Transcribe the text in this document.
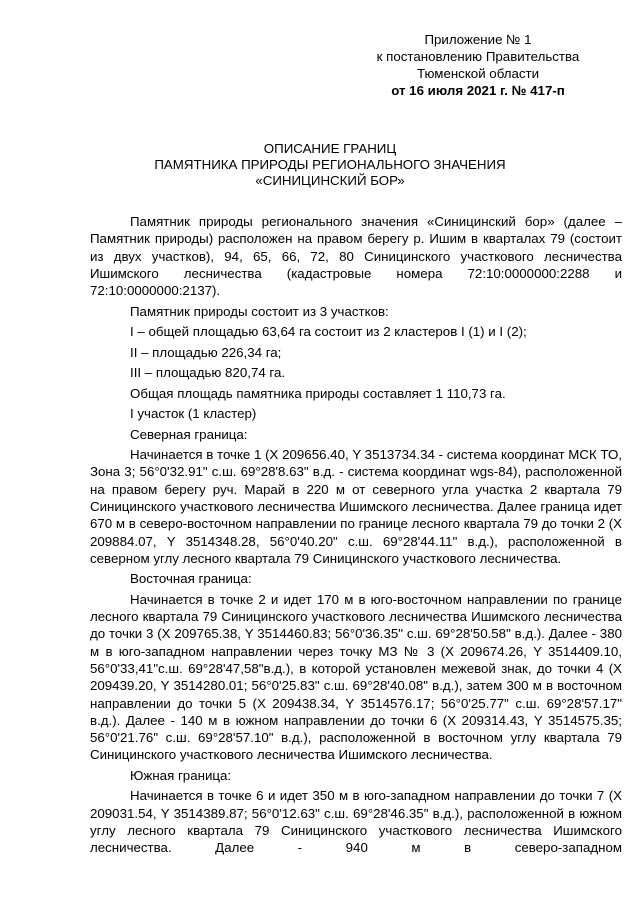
Приложение № 1
к постановлению Правительства
Тюменской области
от 16 июля 2021 г. № 417-п
ОПИСАНИЕ ГРАНИЦ
ПАМЯТНИКА ПРИРОДЫ РЕГИОНАЛЬНОГО ЗНАЧЕНИЯ
«СИНИЦИНСКИЙ БОР»

Памятник природы регионального значения «Синицинский бор» (далее – Памятник природы) расположен на правом берегу р. Ишим в кварталах 79 (состоит из двух участков), 94, 65, 66, 72, 80 Синицинского участкового лесничества Ишимского лесничества (кадастровые номера 72:10:0000000:2288 и 72:10:0000000:2137).

Памятник природы состоит из 3 участков:

I – общей площадью 63,64 га состоит из 2 кластеров I (1) и I (2);

II – площадью 226,34 га;

III – площадью 820,74 га.

Общая площадь памятника природы составляет 1 110,73 га.

I участок (1 кластер)

Северная граница:

Начинается в точке 1 (Х 209656.40, Y 3513734.34 - система координат МСК ТО, Зона 3; 56°0'32.91" с.ш. 69°28'8.63" в.д. - система координат wgs-84), расположенной на правом берегу руч. Марай в 220 м от северного угла участка 2 квартала 79 Синицинского участкового лесничества Ишимского лесничества. Далее граница идет 670 м в северо-восточном направлении по границе лесного квартала 79 до точки 2 (Х 209884.07, Y 3514348.28, 56°0'40.20" с.ш. 69°28'44.11" в.д.), расположенной в северном углу лесного квартала 79 Синицинского участкового лесничества.

Восточная граница:

Начинается в точке 2 и идет 170 м в юго-восточном направлении по границе лесного квартала 79 Синицинского участкового лесничества Ишимского лесничества до точки 3 (Х 209765.38, Y 3514460.83; 56°0'36.35" с.ш. 69°28'50.58" в.д.). Далее - 380 м в юго-западном направлении через точку МЗ № 3 (Х 209674.26, Y 3514409.10, 56°0'33,41"с.ш. 69°28'47,58"в.д.), в которой установлен межевой знак, до точки 4 (Х 209439.20, Y 3514280.01; 56°0'25.83" с.ш. 69°28'40.08" в.д.), затем 300 м в восточном направлении до точки 5 (Х 209438.34, Y 3514576.17; 56°0'25.77" с.ш. 69°28'57.17" в.д.). Далее - 140 м в южном направлении до точки 6 (Х 209314.43, Y 3514575.35; 56°0'21.76" с.ш. 69°28'57.10" в.д.), расположенной в восточном углу квартала 79 Синицинского участкового лесничества Ишимского лесничества.

Южная граница:

Начинается в точке 6 и идет 350 м в юго-западном направлении до точки 7 (Х 209031.54, Y 3514389.87; 56°0'12.63" с.ш. 69°28'46.35" в.д.), расположенной в южном углу лесного квартала 79 Синицинского участкового лесничества Ишимского лесничества. Далее - 940 м в северо-западном
